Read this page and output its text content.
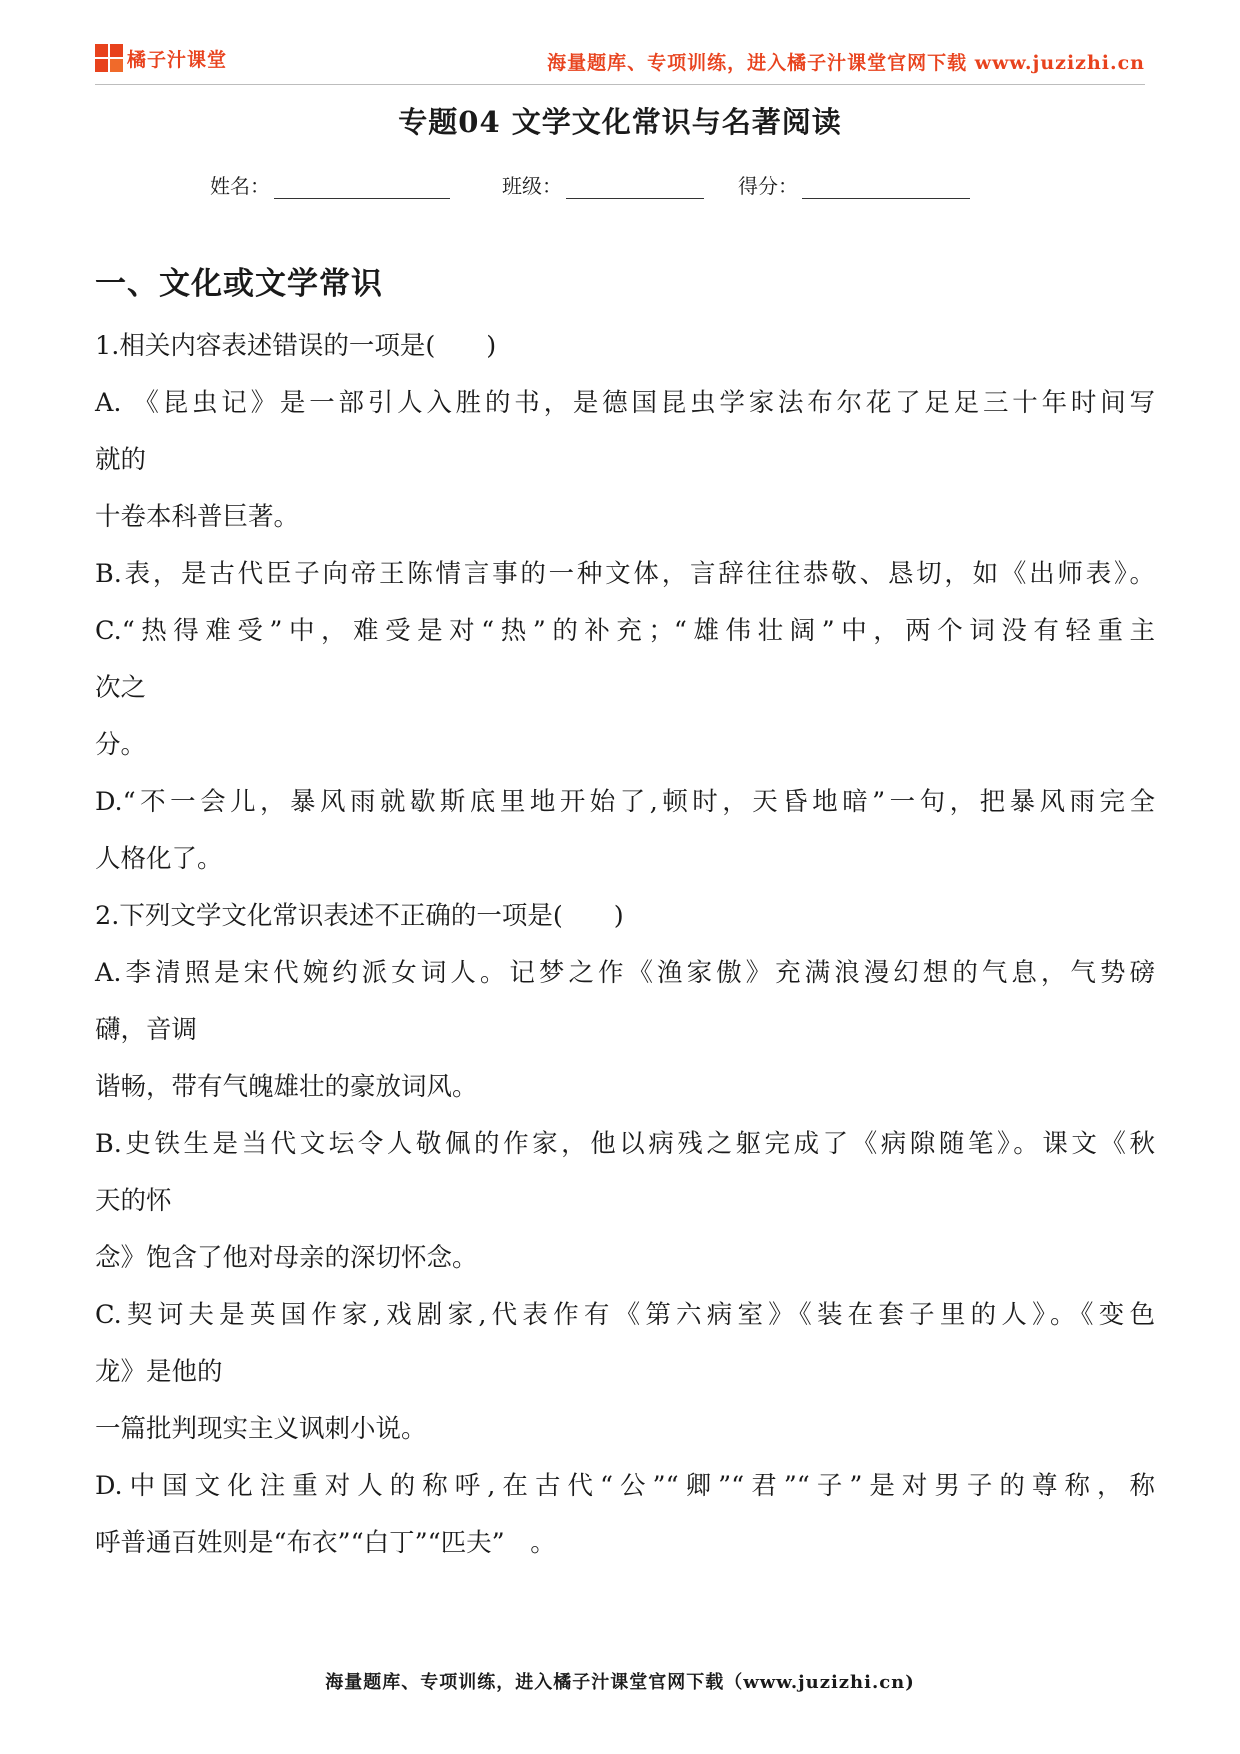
橘子汁课堂	海量题库、专项训练，进入橘子汁课堂官网下载 www.juzizhi.cn
专题04 文学文化常识与名著阅读
姓名：	班级：	得分：
一、文化或文学常识
1.相关内容表述错误的一项是(　　)
A. 《昆虫记》是一部引人入胜的书，是德国昆虫学家法布尔花了足足三十年时间写
就的
十卷本科普巨著。
B.表，是古代臣子向帝王陈情言事的一种文体，言辞往往恭敬、恳切，如《出师表》。
C.“热得难受”中，难受是对“热”的补充；“雄伟壮阔”中，两个词没有轻重主
次之
分。
D.“不一会儿，暴风雨就歇斯底里地开始了,顿时，天昏地暗”一句，把暴风雨完全
人格化了。
2.下列文学文化常识表述不正确的一项是(　　)
A.李清照是宋代婉约派女词人。记梦之作《渔家傲》充满浪漫幻想的气息，气势磅
礴，音调
谐畅，带有气魄雄壮的豪放词风。
B.史铁生是当代文坛令人敬佩的作家，他以病残之躯完成了《病隙随笔》。课文《秋
天的怀
念》饱含了他对母亲的深切怀念。
C.契诃夫是英国作家,戏剧家,代表作有《第六病室》《装在套子里的人》。《变色
龙》是他的
一篇批判现实主义讽刺小说。
D.中国文化注重对人的称呼,在古代“公”“卿”“君”“子”是对男子的尊称，称
呼普通百姓则是“布衣”“白丁”“匹夫”　。
海量题库、专项训练，进入橘子汁课堂官网下载（www.juzizhi.cn)
